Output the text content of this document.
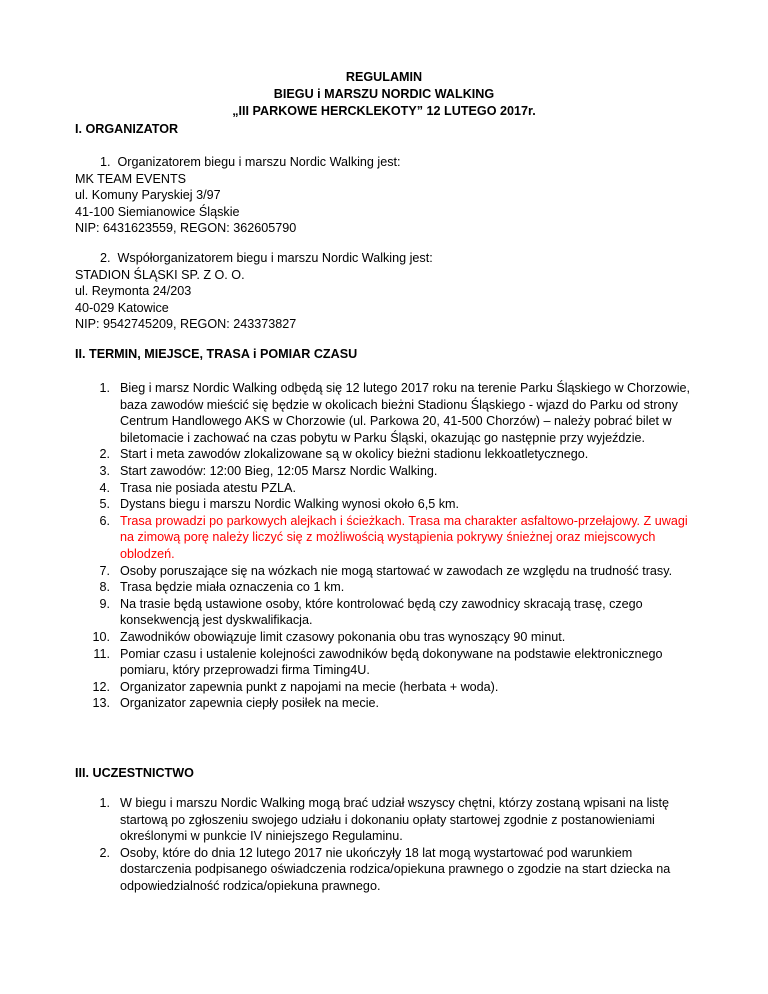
REGULAMIN
BIEGU i MARSZU NORDIC WALKING
„III PARKOWE HERCKLEKOTY” 12 LUTEGO 2017r.
I. ORGANIZATOR
1. Organizatorem biegu i marszu Nordic Walking jest:
MK TEAM EVENTS
ul. Komuny Paryskiej 3/97
41-100 Siemianowice Śląskie
NIP: 6431623559, REGON: 362605790
2. Współorganizatorem biegu i marszu Nordic Walking jest:
STADION ŚLĄSKI SP. Z O. O.
ul. Reymonta 24/203
40-029 Katowice
NIP: 9542745209, REGON: 243373827
II. TERMIN, MIEJSCE, TRASA i POMIAR CZASU
1. Bieg i marsz Nordic Walking odbędą się 12 lutego 2017 roku na terenie Parku Śląskiego w Chorzowie, baza zawodów mieścić się będzie w okolicach bieżni Stadionu Śląskiego - wjazd do Parku od strony Centrum Handlowego AKS w Chorzowie (ul. Parkowa 20, 41-500 Chorzów) – należy pobrać bilet w biletomacie i zachować na czas pobytu w Parku Śląski, okazując go następnie przy wyjeździe.
2. Start i meta zawodów zlokalizowane są w okolicy bieżni stadionu lekkoatletycznego.
3. Start zawodów: 12:00 Bieg, 12:05 Marsz Nordic Walking.
4. Trasa nie posiada atestu PZLA.
5. Dystans biegu i marszu Nordic Walking wynosi około 6,5 km.
6. Trasa prowadzi po parkowych alejkach i ścieżkach. Trasa ma charakter asfaltowo-przełajowy. Z uwagi na zimową porę należy liczyć się z możliwością wystąpienia pokrywy śnieżnej oraz miejscowych oblodzeń.
7. Osoby poruszające się na wózkach nie mogą startować w zawodach ze względu na trudność trasy.
8. Trasa będzie miała oznaczenia co 1 km.
9. Na trasie będą ustawione osoby, które kontrolować będą czy zawodnicy skracają trasę, czego konsekwencją jest dyskwalifikacja.
10. Zawodników obowiązuje limit czasowy pokonania obu tras wynoszący 90 minut.
11. Pomiar czasu i ustalenie kolejności zawodników będą dokonywane na podstawie elektronicznego pomiaru, który przeprowadzi firma Timing4U.
12. Organizator zapewnia punkt z napojami na mecie (herbata + woda).
13. Organizator zapewnia ciepły posiłek na mecie.
III. UCZESTNICTWO
1. W biegu i marszu Nordic Walking mogą brać udział wszyscy chętni, którzy zostaną wpisani na listę startową po zgłoszeniu swojego udziału i dokonaniu opłaty startowej zgodnie z postanowieniami określonymi w punkcie IV niniejszego Regulaminu.
2. Osoby, które do dnia 12 lutego 2017 nie ukończyły 18 lat mogą wystartować pod warunkiem dostarczenia podpisanego oświadczenia rodzica/opiekuna prawnego o zgodzie na start dziecka na odpowiedzialność rodzica/opiekuna prawnego.
